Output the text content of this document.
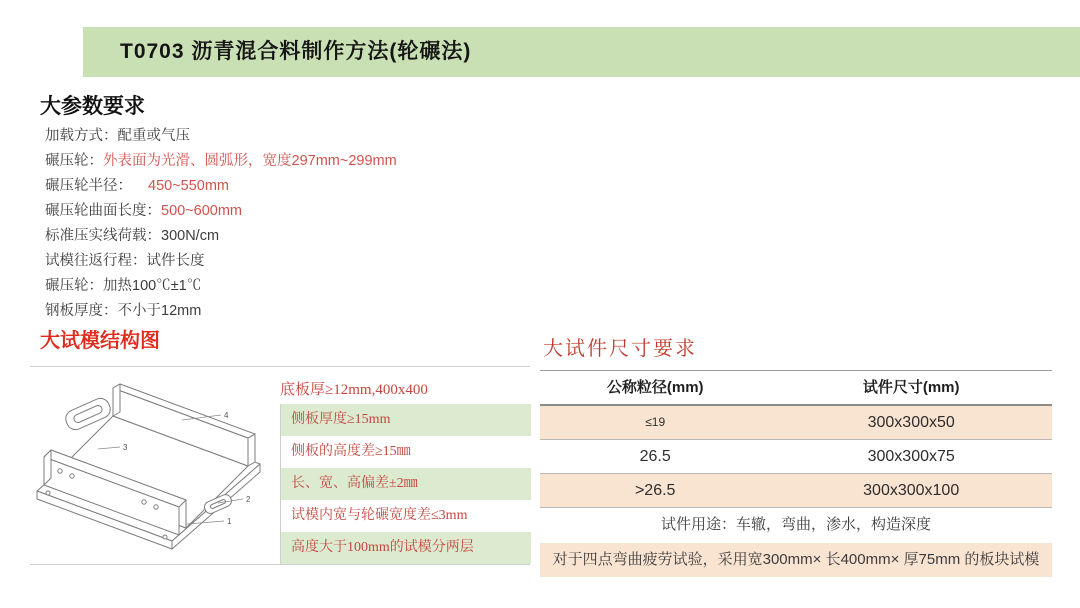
T0703 沥青混合料制作方法(轮碾法)
大参数要求
加载方式：配重或气压
碾压轮：外表面为光滑、圆弧形，宽度297mm~299mm
碾压轮半径： 450~550mm
碾压轮曲面长度：500~600mm
标准压实线荷载：300N/cm
试模往返行程：试件长度
碾压轮：加热100℃±1℃
钢板厚度：不小于12mm
大试模结构图
4
3
2
1
底板厚≥12mm,400x400
侧板厚度≥15mm
侧板的高度差≥15㎜
长、宽、高偏差±2㎜
试模内宽与轮碾宽度差≤3mm
高度大于100mm的试模分两层
大试件尺寸要求
公称粒径(mm)	试件尺寸(mm)
≤19	300x300x50
26.5	300x300x75
>26.5	300x300x100
试件用途：车辙，弯曲，渗水，构造深度
对于四点弯曲疲劳试验，采用宽300mm× 长400mm× 厚75mm 的板块试模
